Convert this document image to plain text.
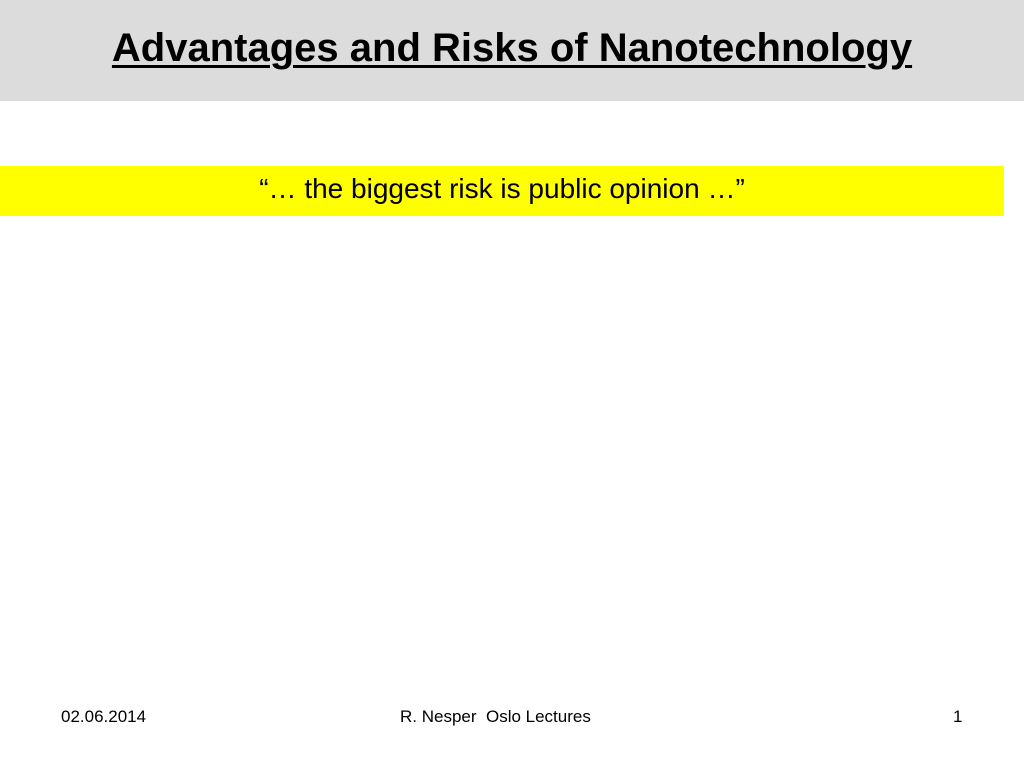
Advantages and Risks of Nanotechnology
“… the biggest risk is public opinion …”
02.06.2014	R. Nesper  Oslo Lectures	1
